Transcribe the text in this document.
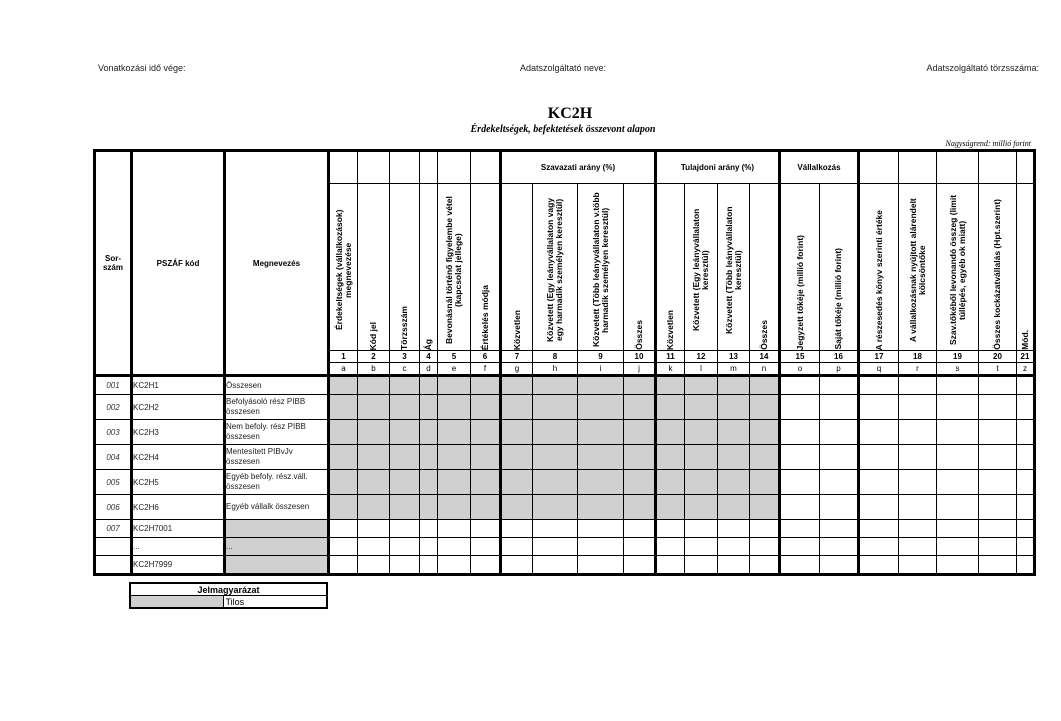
Vonatkozási idő vége:	Adatszolgáltató neve:	Adatszolgáltató törzsszáma:
KC2H
Érdekeltségek, befektetések összevont alapon
Nagyságrend: millió forint
Sor-
szám	PSZÁF kód	Megnevezés							Szavazati arány (%)				Tulajdoni arány (%)				Vállalkozás						

			Érdekeltségek (vállalkozások) megnevezése	Kód jel	Törzsszám	Ág	Bevonásnál történő figyelembe vétel (kapcsolat jellege)	Értékelés módja	Közvetlen	Közvetett (Egy leányvállalaton vagy egy harmadik személyen keresztül)	Közvetett (Több leányvállalaton v.több harmadik személyen keresztül)	Összes	Közvetlen	Közvetett (Egy leányvállalaton keresztül)	Közvetett (Több leányvállalaton keresztül)	Összes	Jegyzett tőkéje (millió forint)	Saját tőkéje (millió forint)	A részesedés könyv szerinti értéke	A vállalkozásnak nyújtott alárendelt kölcsöntőke	Szav.tőkéből levonandó összeg (limit túllépés, egyéb ok miatt)	Összes kockázatvállalás (Hpt.szerint)	Mód.

			1	2	3	4	5	6	7	8	9	10	11	12	13	14	15	16	17	18	19	20	21
			a	b	c	d	e	f	g	h	i	j	k	l	m	n	o	p	q	r	s	t	z
001	KC2H1	Összesen																					
002	KC2H2	Befolyásoló rész PIBB összesen																					
003	KC2H3	Nem befoly. rész PIBB összesen																					
004	KC2H4	Mentesített PIBvJv összesen																					
005	KC2H5	Egyéb befoly. rész.váll. összesen																					
006	KC2H6	Egyéb vállalk összesen																					
007	KC2H7001																						
	...	...																					
	KC2H7999																						
Jelmagyarázat
	Tilos
